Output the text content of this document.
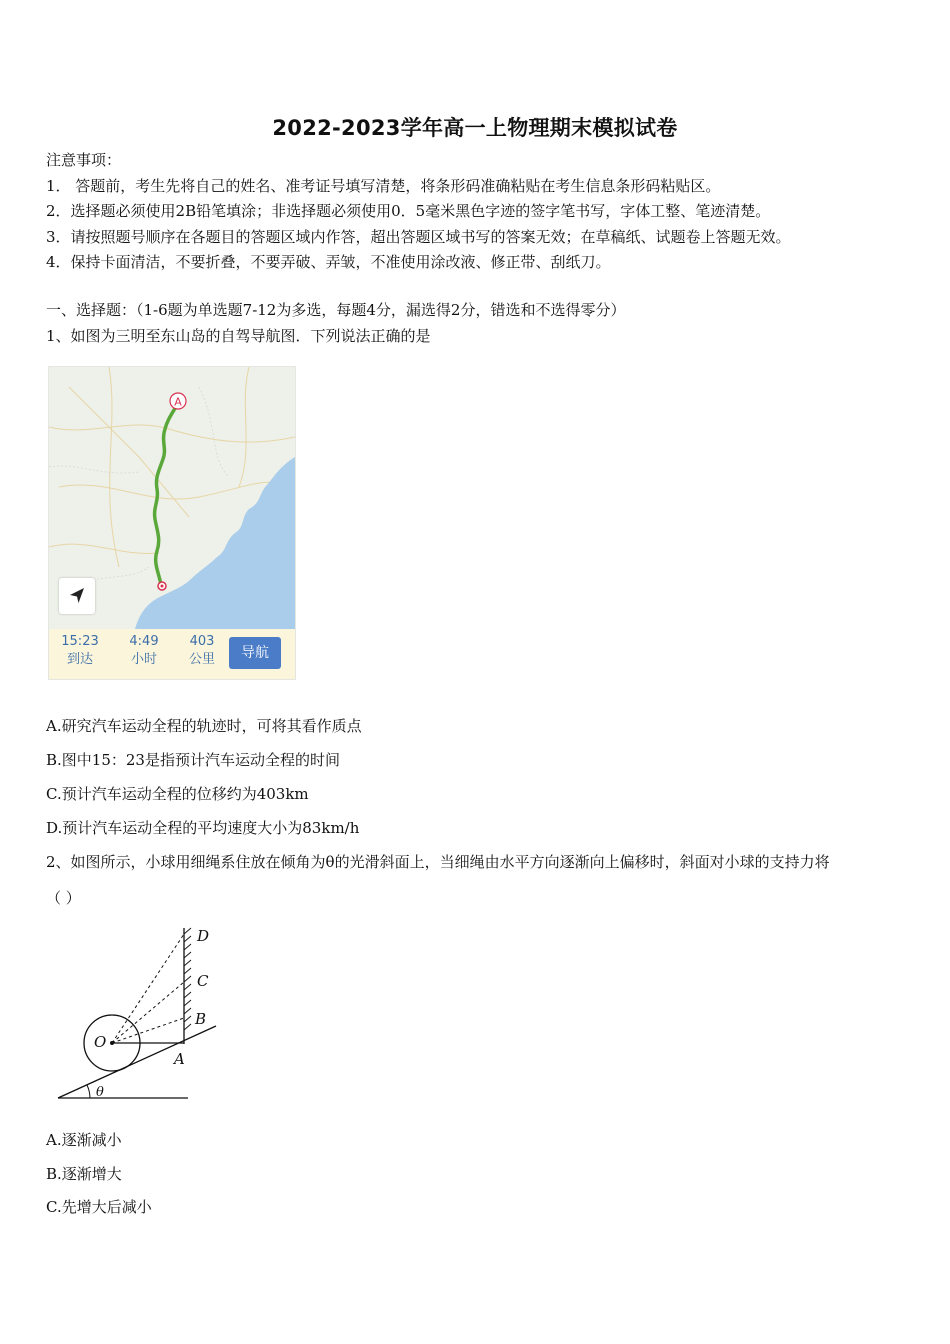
2022-2023学年高一上物理期末模拟试卷
注意事项：
1． 答题前，考生先将自己的姓名、准考证号填写清楚，将条形码准确粘贴在考生信息条形码粘贴区。
2．选择题必须使用2B铅笔填涂；非选择题必须使用0．5毫米黑色字迹的签字笔书写，字体工整、笔迹清楚。
3．请按照题号顺序在各题目的答题区域内作答，超出答题区域书写的答案无效；在草稿纸、试题卷上答题无效。
4．保持卡面清洁，不要折叠，不要弄破、弄皱，不准使用涂改液、修正带、刮纸刀。
一、选择题：（1-6题为单选题7-12为多选，每题4分，漏选得2分，错选和不选得零分）
1、如图为三明至东山岛的自驾导航图．下列说法正确的是
A
15:23
到达
4:49
小时
403
公里	导航
A.研究汽车运动全程的轨迹时，可将其看作质点
B.图中15：23是指预计汽车运动全程的时间
C.预计汽车运动全程的位移约为403km
D.预计汽车运动全程的平均速度大小为83km/h
2、如图所示，小球用细绳系住放在倾角为θ的光滑斜面上，当细绳由水平方向逐渐向上偏移时，斜面对小球的支持力将
（ ）
D
C
B
A
O
θ
A.逐渐减小
B.逐渐增大
C.先增大后减小
